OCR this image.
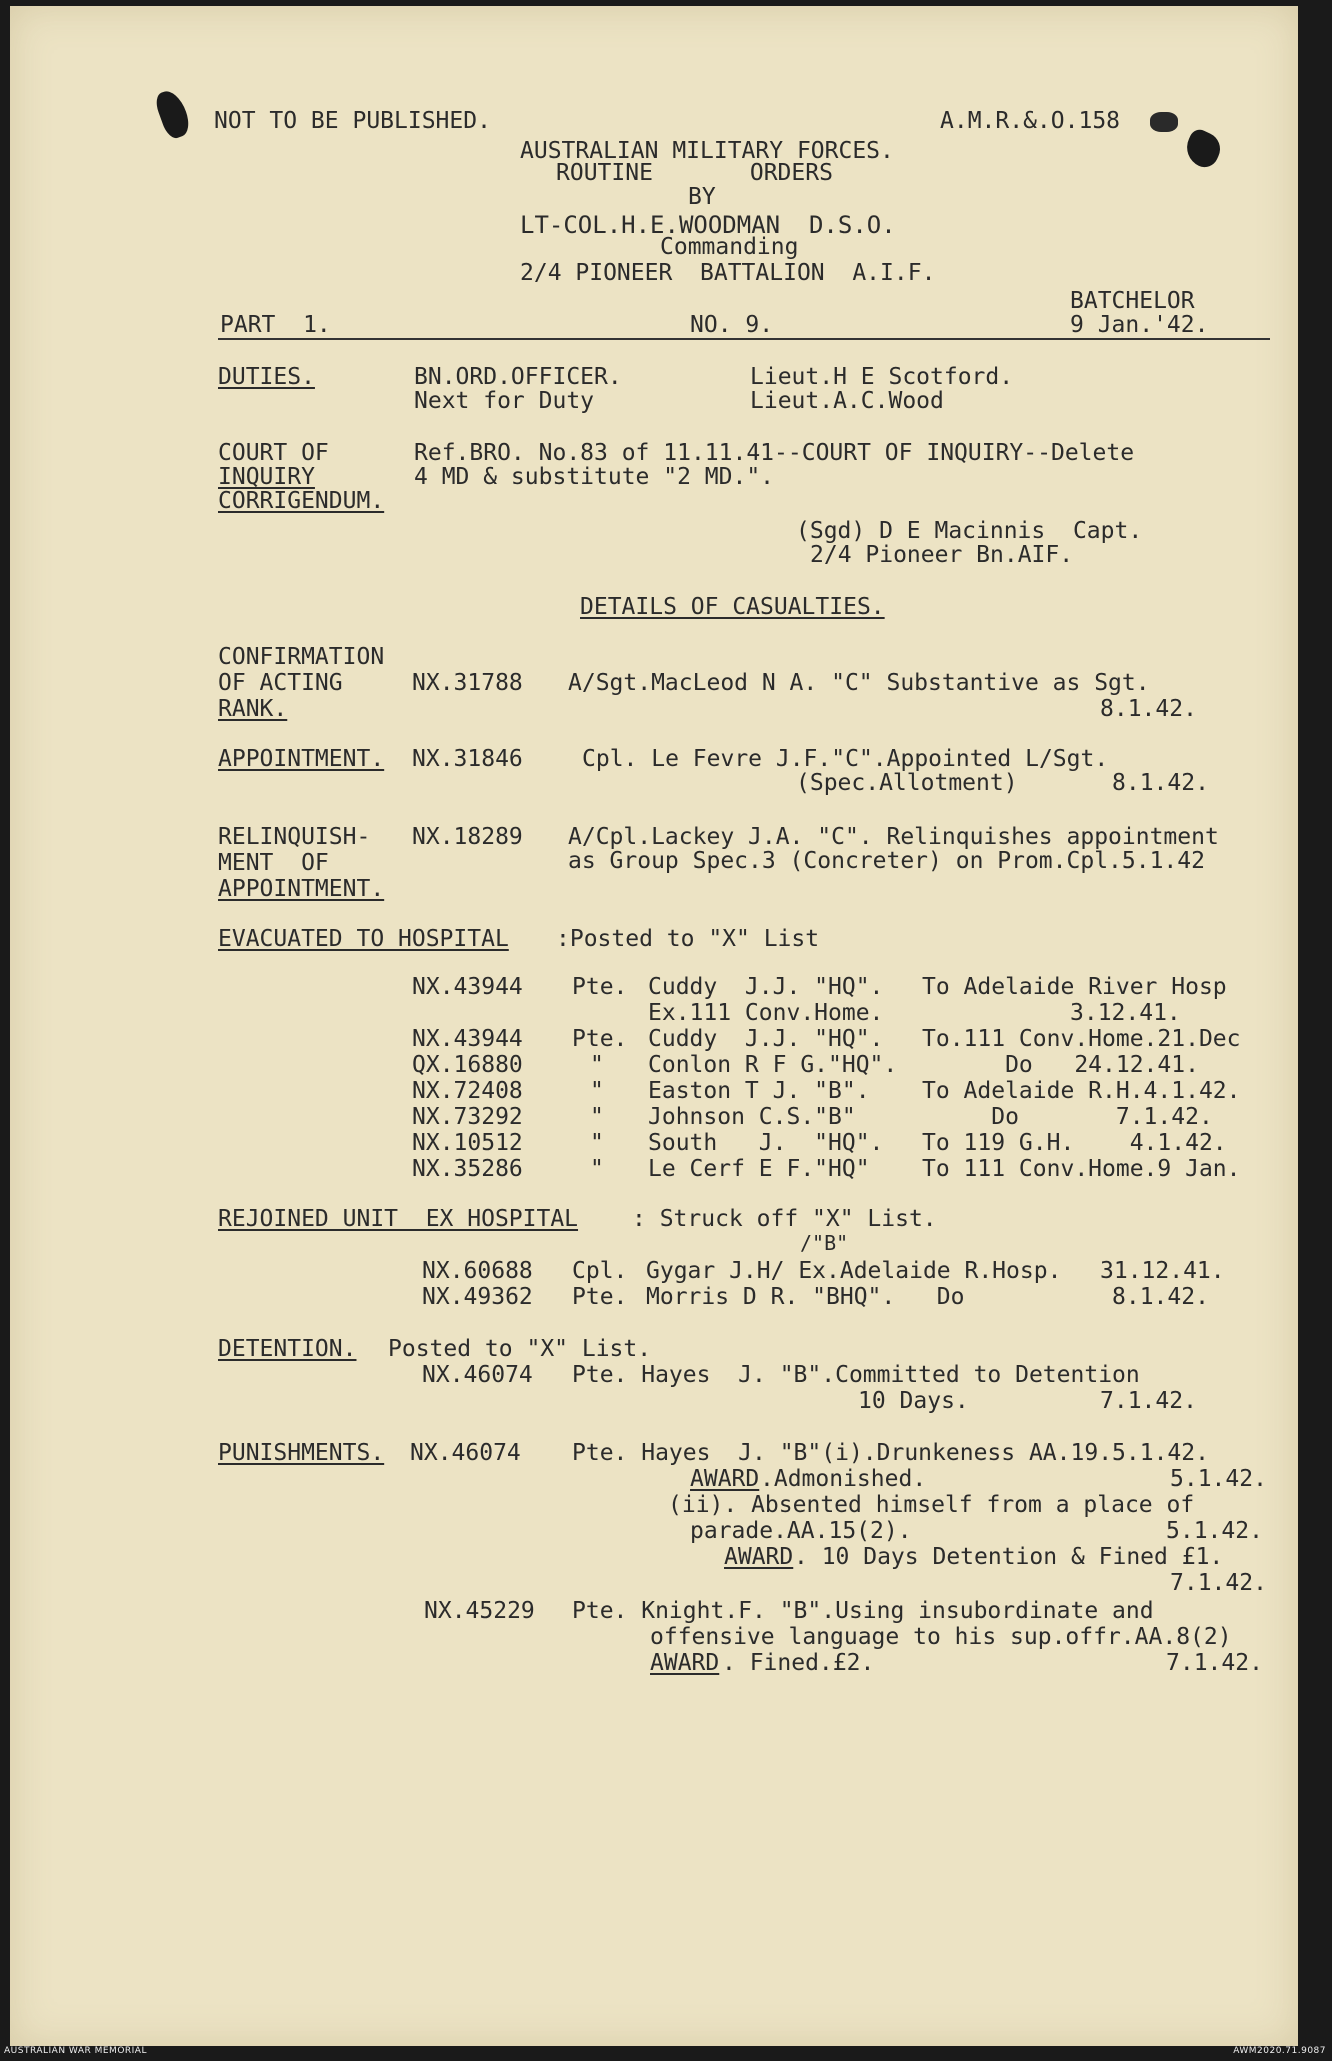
NOT TO BE PUBLISHED.	A.M.R.&.O.158
AUSTRALIAN MILITARY FORCES.
ROUTINE       ORDERS
BY
LT-COL.H.E.WOODMAN  D.S.O.
Commanding
2/4 PIONEER  BATTALION  A.I.F.
BATCHELOR
PART  1.	NO. 9.	9 Jan.'42.
DUTIES.	BN.ORD.OFFICER.	Lieut.H E Scotford.
Next for Duty	Lieut.A.C.Wood
COURT OF
INQUIRY
CORRIGENDUM.
Ref.BRO. No.83 of 11.11.41--COURT OF INQUIRY--Delete
4 MD & substitute "2 MD.".
(Sgd) D E Macinnis  Capt.
2/4 Pioneer Bn.AIF.
DETAILS OF CASUALTIES.
CONFIRMATION
OF ACTING
RANK.
NX.31788 A/Sgt.MacLeod N A. "C" Substantive as Sgt.
8.1.42.
APPOINTMENT. NX.31846	Cpl. Le Fevre J.F."C".Appointed L/Sgt.
(Spec.Allotment)	8.1.42.
RELINQUISH-
MENT  OF
APPOINTMENT.
NX.18289 A/Cpl.Lackey J.A. "C". Relinquishes appointment
as Group Spec.3 (Concreter) on Prom.Cpl.5.1.42
EVACUATED TO HOSPITAL :Posted to "X" List
NX.43944 Pte. Cuddy  J.J. "HQ". To Adelaide River Hosp
Ex.111 Conv.Home.	3.12.41.
NX.43944 Pte. Cuddy  J.J. "HQ". To.111 Conv.Home.21.Dec
QX.16880	" Conlon R F G."HQ". Do   24.12.41.
NX.72408	" Easton T J. "B". To Adelaide R.H.4.1.42.
NX.73292	" Johnson C.S."B"	Do       7.1.42.
NX.10512	" South   J.  "HQ". To 119 G.H.    4.1.42.
NX.35286	" Le Cerf E F."HQ" To 111 Conv.Home.9 Jan.
REJOINED UNIT  EX HOSPITAL : Struck off "X" List.
/"B"
NX.60688 Cpl. Gygar J.H/ Ex.Adelaide R.Hosp. 31.12.41.
NX.49362 Pte. Morris D R. "BHQ".   Do	8.1.42.
DETENTION. Posted to "X" List.
NX.46074 Pte. Hayes  J. "B".Committed to Detention
10 Days.	7.1.42.
PUNISHMENTS. NX.46074 Pte. Hayes  J. "B"(i).Drunkeness AA.19.5.1.42.
AWARD .Admonished.	5.1.42.
(ii). Absented himself from a place of
parade.AA.15(2).	5.1.42.
AWARD . 10 Days Detention & Fined £1.
7.1.42.
NX.45229 Pte. Knight.F. "B".Using insubordinate and
offensive language to his sup.offr.AA.8(2)
AWARD . Fined.£2.	7.1.42.
AUSTRALIAN WAR MEMORIAL	AWM2020.71.9087
